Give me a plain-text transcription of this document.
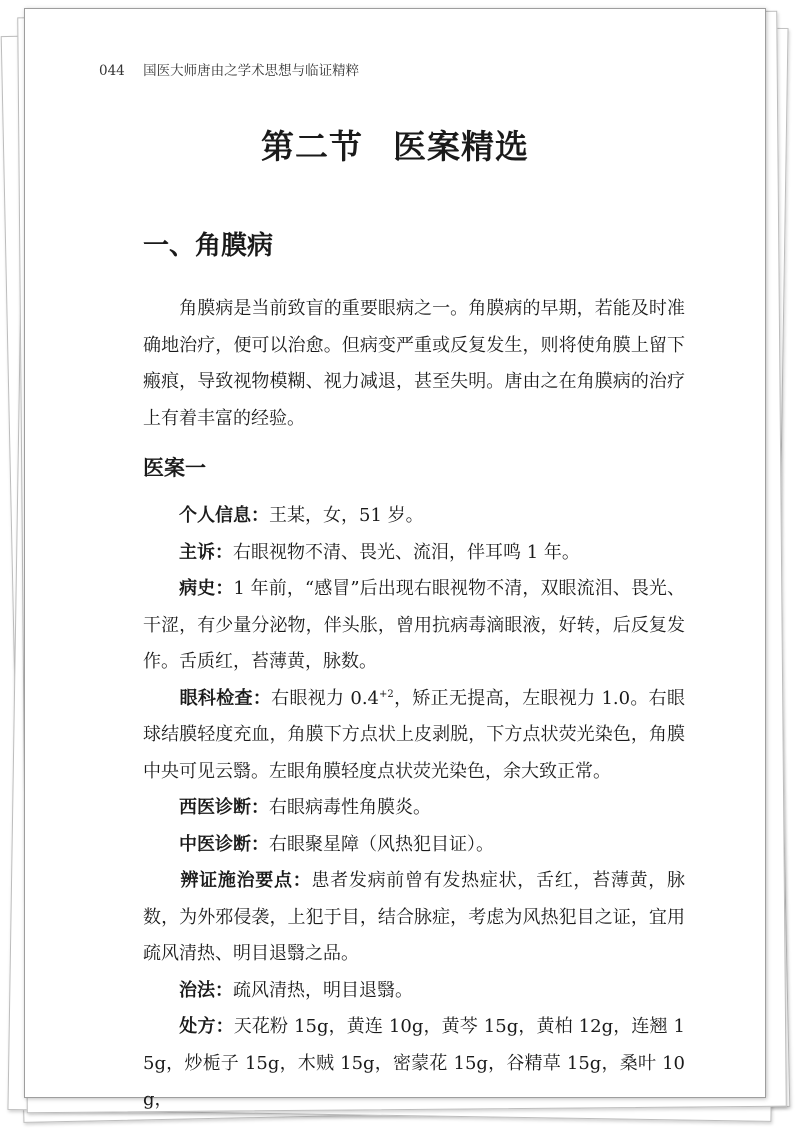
044 国医大师唐由之学术思想与临证精粹
第二节 医案精选
一、角膜病

　　角膜病是当前致盲的重要眼病之一。角膜病的早期，若能及时准确地治疗，便可以治愈。但病变严重或反复发生，则将使角膜上留下瘢痕，导致视物模糊、视力减退，甚至失明。唐由之在角膜病的治疗上有着丰富的经验。

医案一

　　个人信息：王某，女，51 岁。

　　主诉：右眼视物不清、畏光、流泪，伴耳鸣 1 年。

　　病史：1 年前，“感冒”后出现右眼视物不清，双眼流泪、畏光、干涩，有少量分泌物，伴头胀，曾用抗病毒滴眼液，好转，后反复发作。舌质红，苔薄黄，脉数。

　　眼科检查：右眼视力 $0.4^{+2}$，矫正无提高，左眼视力 1.0。右眼球结膜轻度充血，角膜下方点状上皮剥脱，下方点状荧光染色，角膜中央可见云翳。左眼角膜轻度点状荧光染色，余大致正常。

　　西医诊断：右眼病毒性角膜炎。

　　中医诊断：右眼聚星障（风热犯目证）。

　　辨证施治要点：患者发病前曾有发热症状，舌红，苔薄黄，脉数，为外邪侵袭，上犯于目，结合脉症，考虑为风热犯目之证，宜用疏风清热、明目退翳之品。

　　治法：疏风清热，明目退翳。

　　处方：天花粉 15g，黄连 10g，黄芩 15g，黄柏 12g，连翘 15g，炒栀子 15g，木贼 15g，密蒙花 15g，谷精草 15g，桑叶 10g，
